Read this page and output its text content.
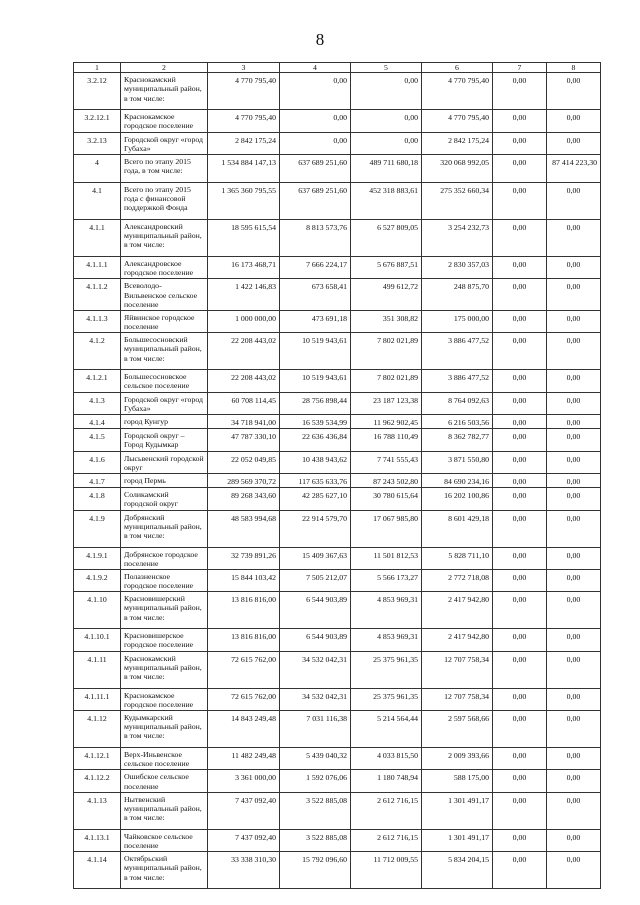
8
1	2	3	4	5	6	7	8
3.2.12	Краснокамский муниципальный район, в том числе:	4 770 795,40	0,00	0,00	4 770 795,40	0,00	0,00
3.2.12.1	Краснокамское городское поселение	4 770 795,40	0,00	0,00	4 770 795,40	0,00	0,00
3.2.13	Городской округ «город Губаха»	2 842 175,24	0,00	0,00	2 842 175,24	0,00	0,00
4	Всего по этапу 2015 года, в том числе:	1 534 884 147,13	637 689 251,60	489 711 680,18	320 068 992,05	0,00	87 414 223,30
4.1	Всего по этапу 2015 года с финансовой поддержкой Фонда	1 365 360 795,55	637 689 251,60	452 318 883,61	275 352 660,34	0,00	0,00
4.1.1	Александровский муниципальный район, в том числе:	18 595 615,54	8 813 573,76	6 527 809,05	3 254 232,73	0,00	0,00
4.1.1.1	Александровское городское поселение	16 173 468,71	7 666 224,17	5 676 887,51	2 830 357,03	0,00	0,00
4.1.1.2	Всеволодо-Вильвенское сельское поселение	1 422 146,83	673 658,41	499 612,72	248 875,70	0,00	0,00
4.1.1.3	Яйвинское городское поселение	1 000 000,00	473 691,18	351 308,82	175 000,00	0,00	0,00
4.1.2	Большесосновский муниципальный район, в том числе:	22 208 443,02	10 519 943,61	7 802 021,89	3 886 477,52	0,00	0,00
4.1.2.1	Большесосновское сельское поселение	22 208 443,02	10 519 943,61	7 802 021,89	3 886 477,52	0,00	0,00
4.1.3	Городской округ «город Губаха»	60 708 114,45	28 756 898,44	23 187 123,38	8 764 092,63	0,00	0,00
4.1.4	город Кунгур	34 718 941,00	16 539 534,99	11 962 902,45	6 216 503,56	0,00	0,00
4.1.5	Городской округ – Город Кудымкар	47 787 330,10	22 636 436,84	16 788 110,49	8 362 782,77	0,00	0,00
4.1.6	Лысьвенский городской округ	22 052 049,85	10 438 943,62	7 741 555,43	3 871 550,80	0,00	0,00
4.1.7	город Пермь	289 569 370,72	117 635 633,76	87 243 502,80	84 690 234,16	0,00	0,00
4.1.8	Соликамский городской округ	89 268 343,60	42 285 627,10	30 780 615,64	16 202 100,86	0,00	0,00
4.1.9	Добрянский муниципальный район, в том числе:	48 583 994,68	22 914 579,70	17 067 985,80	8 601 429,18	0,00	0,00
4.1.9.1	Добрянское городское поселение	32 739 891,26	15 409 367,63	11 501 812,53	5 828 711,10	0,00	0,00
4.1.9.2	Полазненское городское поселение	15 844 103,42	7 505 212,07	5 566 173,27	2 772 718,08	0,00	0,00
4.1.10	Красновишерский муниципальный район, в том числе:	13 816 816,00	6 544 903,89	4 853 969,31	2 417 942,80	0,00	0,00
4.1.10.1	Красновишерское городское поселение	13 816 816,00	6 544 903,89	4 853 969,31	2 417 942,80	0,00	0,00
4.1.11	Краснокамский муниципальный район, в том числе:	72 615 762,00	34 532 042,31	25 375 961,35	12 707 758,34	0,00	0,00
4.1.11.1	Краснокамское городское поселение	72 615 762,00	34 532 042,31	25 375 961,35	12 707 758,34	0,00	0,00
4.1.12	Кудымкарский муниципальный район, в том числе:	14 843 249,48	7 031 116,38	5 214 564,44	2 597 568,66	0,00	0,00
4.1.12.1	Верх-Иньвенское сельское поселение	11 482 249,48	5 439 040,32	4 033 815,50	2 009 393,66	0,00	0,00
4.1.12.2	Ошибское сельское поселение	3 361 000,00	1 592 076,06	1 180 748,94	588 175,00	0,00	0,00
4.1.13	Нытвенский муниципальный район, в том числе:	7 437 092,40	3 522 885,08	2 612 716,15	1 301 491,17	0,00	0,00
4.1.13.1	Чайковское сельское поселение	7 437 092,40	3 522 885,08	2 612 716,15	1 301 491,17	0,00	0,00
4.1.14	Октябрьский муниципальный район, в том числе:	33 338 310,30	15 792 096,60	11 712 009,55	5 834 204,15	0,00	0,00
